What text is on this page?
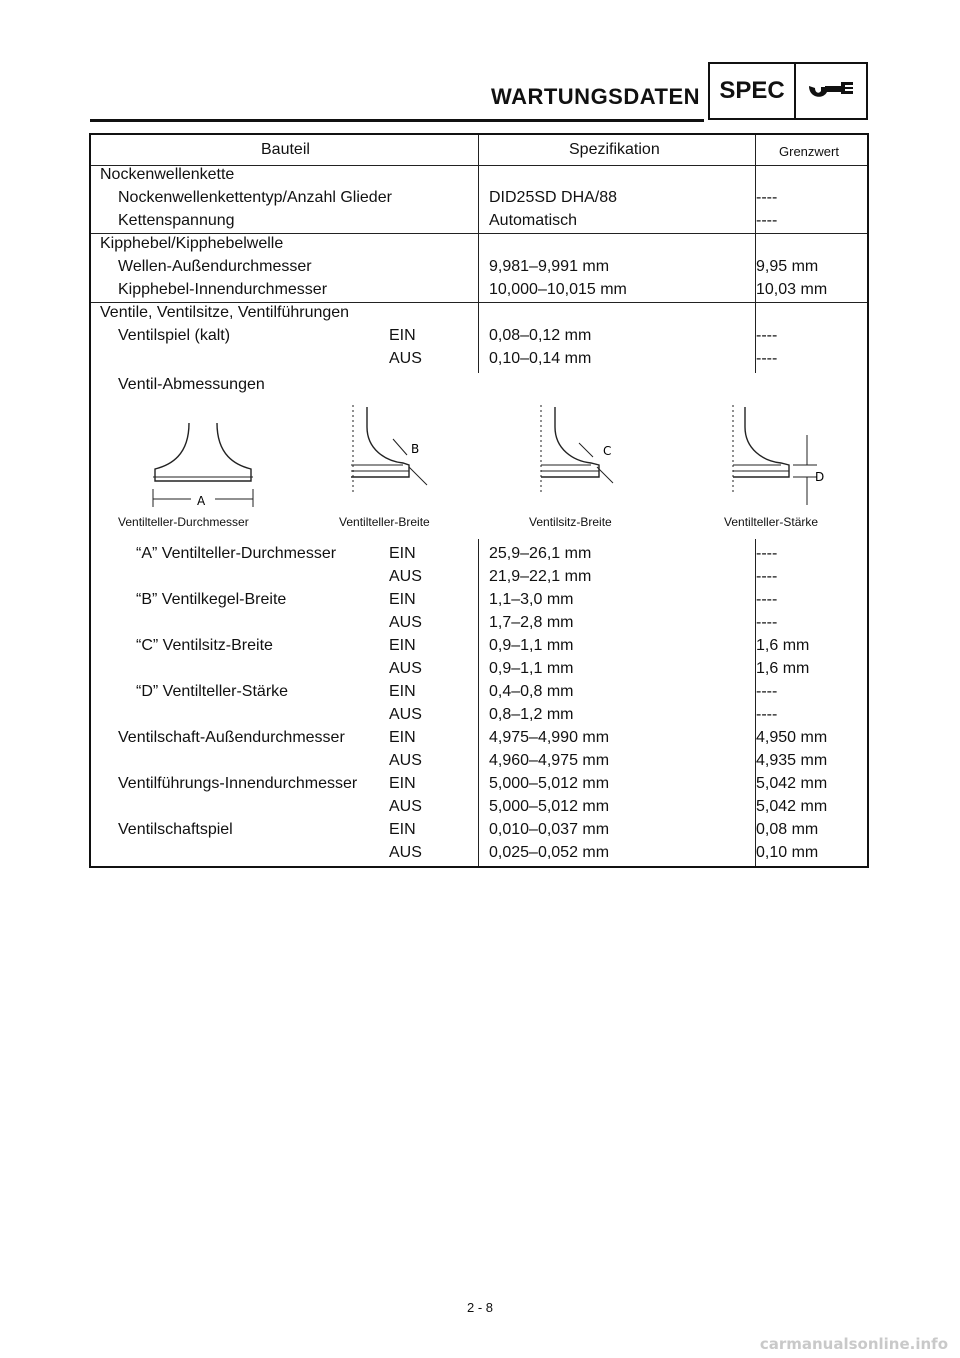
WARTUNGSDATEN SPEC
Bauteil	Spezifikation	Grenzwert
Nockenwellenkette
Nockenwellenkettentyp/Anzahl Glieder	DID25SD DHA/88	----
Kettenspannung	Automatisch	----
Kipphebel/Kipphebelwelle
Wellen-Außendurchmesser	9,981–9,991 mm	9,95 mm
Kipphebel-Innendurchmesser	10,000–10,015 mm	10,03 mm
Ventile, Ventilsitze, Ventilführungen
Ventilspiel (kalt)	EIN	0,08–0,12 mm	----
AUS	0,10–0,14 mm	----
Ventil-Abmessungen
A
B	C
D
Ventilteller-Durchmesser	Ventilteller-Breite	Ventilsitz-Breite	Ventilteller-Stärke
“A” Ventilteller-Durchmesser	EIN	25,9–26,1 mm	----
AUS	21,9–22,1 mm	----
“B” Ventilkegel-Breite	EIN	1,1–3,0 mm	----
AUS	1,7–2,8 mm	----
“C” Ventilsitz-Breite	EIN	0,9–1,1 mm	1,6 mm
AUS	0,9–1,1 mm	1,6 mm
“D” Ventilteller-Stärke	EIN	0,4–0,8 mm	----
AUS	0,8–1,2 mm	----
Ventilschaft-Außendurchmesser	EIN	4,975–4,990 mm	4,950 mm
AUS	4,960–4,975 mm	4,935 mm
Ventilführungs-Innendurchmesser EIN	5,000–5,012 mm	5,042 mm
AUS	5,000–5,012 mm	5,042 mm
Ventilschaftspiel	EIN	0,010–0,037 mm	0,08 mm
AUS	0,025–0,052 mm	0,10 mm
2 - 8
carmanualsonline.info
